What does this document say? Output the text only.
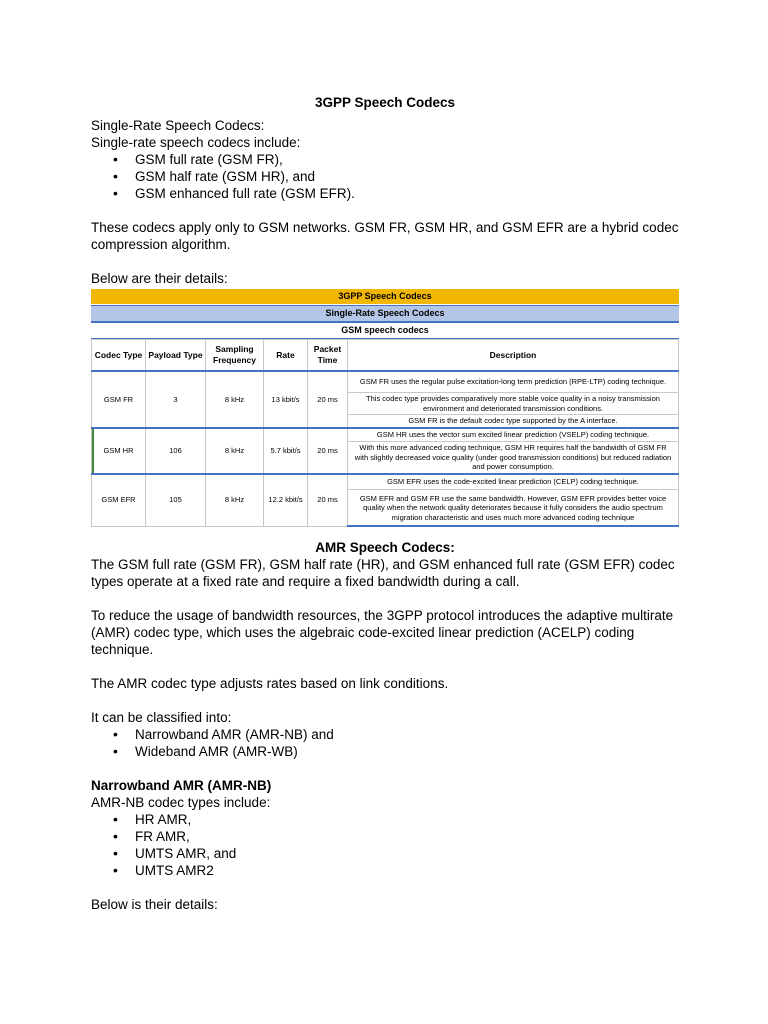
3GPP Speech Codecs

Single-Rate Speech Codecs:

Single-rate speech codecs include:

• GSM full rate (GSM FR),
• GSM half rate (GSM HR), and
• GSM enhanced full rate (GSM EFR).

These codecs apply only to GSM networks. GSM FR, GSM HR, and GSM EFR are a hybrid codec compression algorithm.

Below are their details:

3GPP Speech Codecs
Single-Rate Speech Codecs
GSM speech codecs
Codec Type	Payload Type	Sampling Frequency	Rate	Packet Time	Description
GSM FR	3	8 kHz	13 kbit/s	20 ms	GSM FR uses the regular pulse excitation-long term prediction (RPE-LTP) coding technique.
					This codec type provides comparatively more stable voice quality in a noisy transmission environment and deteriorated transmission conditions.
					GSM FR is the default codec type supported by the A interface.
GSM HR	106	8 kHz	5.7 kbit/s	20 ms	GSM HR uses the vector sum excited linear prediction (VSELP) coding technique.
					With this more advanced coding technique, GSM HR requires half the bandwidth of GSM FR with slightly decreased voice quality (under good transmission conditions) but reduced radiation and power consumption.
GSM EFR	105	8 kHz	12.2 kbit/s	20 ms	GSM EFR uses the code-excited linear prediction (CELP) coding technique.
					GSM EFR and GSM FR use the same bandwidth. However, GSM EFR provides better voice quality when the network quality deteriorates because it fully considers the audio spectrum migration characteristic and uses much more advanced coding technique

AMR Speech Codecs:

The GSM full rate (GSM FR), GSM half rate (HR), and GSM enhanced full rate (GSM EFR) codec types operate at a fixed rate and require a fixed bandwidth during a call.

To reduce the usage of bandwidth resources, the 3GPP protocol introduces the adaptive multirate (AMR) codec type, which uses the algebraic code-excited linear prediction (ACELP) coding technique.

The AMR codec type adjusts rates based on link conditions.

It can be classified into:

• Narrowband AMR (AMR-NB) and
• Wideband AMR (AMR-WB)

Narrowband AMR (AMR-NB)

AMR-NB codec types include:

• HR AMR,
• FR AMR,
• UMTS AMR, and
• UMTS AMR2

Below is their details:
